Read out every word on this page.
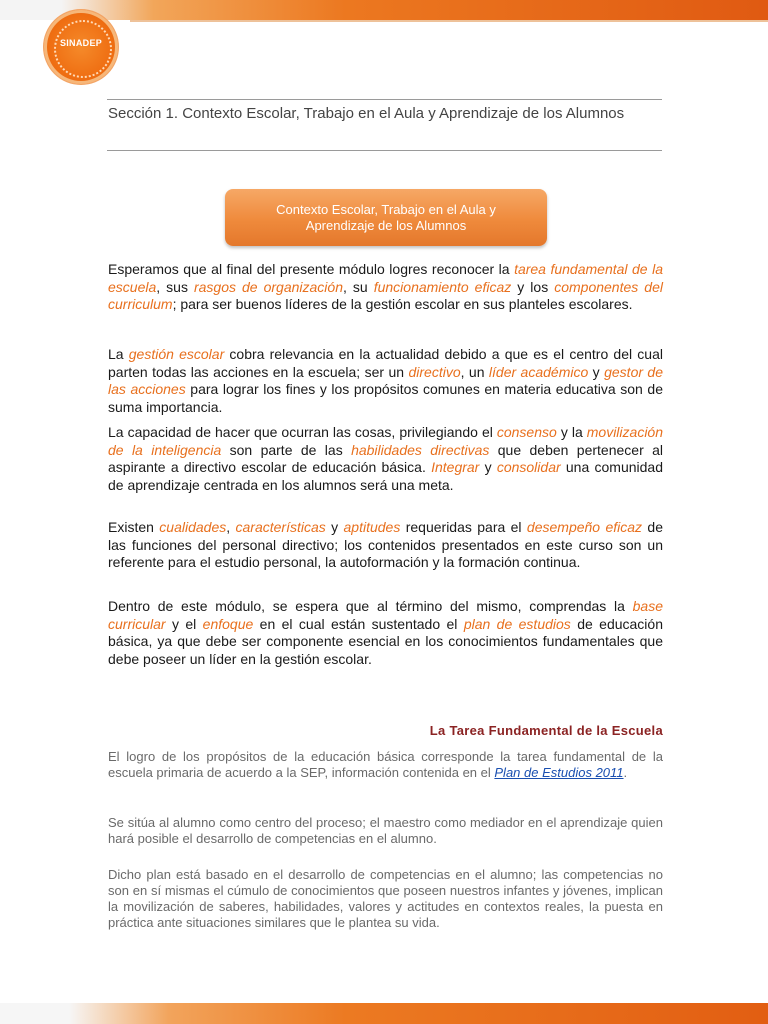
SINADEP
Sección 1. Contexto Escolar, Trabajo en el Aula y Aprendizaje de los Alumnos
Contexto Escolar, Trabajo en el Aula y
Aprendizaje de los Alumnos
Esperamos que al final del presente módulo logres reconocer la tarea fundamental de la escuela, sus rasgos de organización, su funcionamiento eficaz y los componentes del curriculum; para ser buenos líderes de la gestión escolar en sus planteles escolares.
La gestión escolar cobra relevancia en la actualidad debido a que es el centro del cual parten todas las acciones en la escuela; ser un directivo, un líder académico y gestor de las acciones para lograr los fines y los propósitos comunes en materia educativa son de suma importancia.
La capacidad de hacer que ocurran las cosas, privilegiando el consenso y la movilización de la inteligencia son parte de las habilidades directivas que deben pertenecer al aspirante a directivo escolar de educación básica. Integrar y consolidar una comunidad de aprendizaje centrada en los alumnos será una meta.
Existen cualidades, características y aptitudes requeridas para el desempeño eficaz de las funciones del personal directivo; los contenidos presentados en este curso son un referente para el estudio personal, la autoformación y la formación continua.
Dentro de este módulo, se espera que al término del mismo, comprendas la base curricular y el enfoque en el cual están sustentado el plan de estudios de educación básica, ya que debe ser componente esencial en los conocimientos fundamentales que debe poseer un líder en la gestión escolar.
La Tarea Fundamental de la Escuela
El logro de los propósitos de la educación básica corresponde la tarea fundamental de la escuela primaria de acuerdo a la SEP, información contenida en el Plan de Estudios 2011.
Se sitúa al alumno como centro del proceso; el maestro como mediador en el aprendizaje quien hará posible el desarrollo de competencias en el alumno.
Dicho plan está basado en el desarrollo de competencias en el alumno; las competencias no son en sí mismas el cúmulo de conocimientos que poseen nuestros infantes y jóvenes, implican la movilización de saberes, habilidades, valores y actitudes en contextos reales, la puesta en práctica ante situaciones similares que le plantea su vida.
